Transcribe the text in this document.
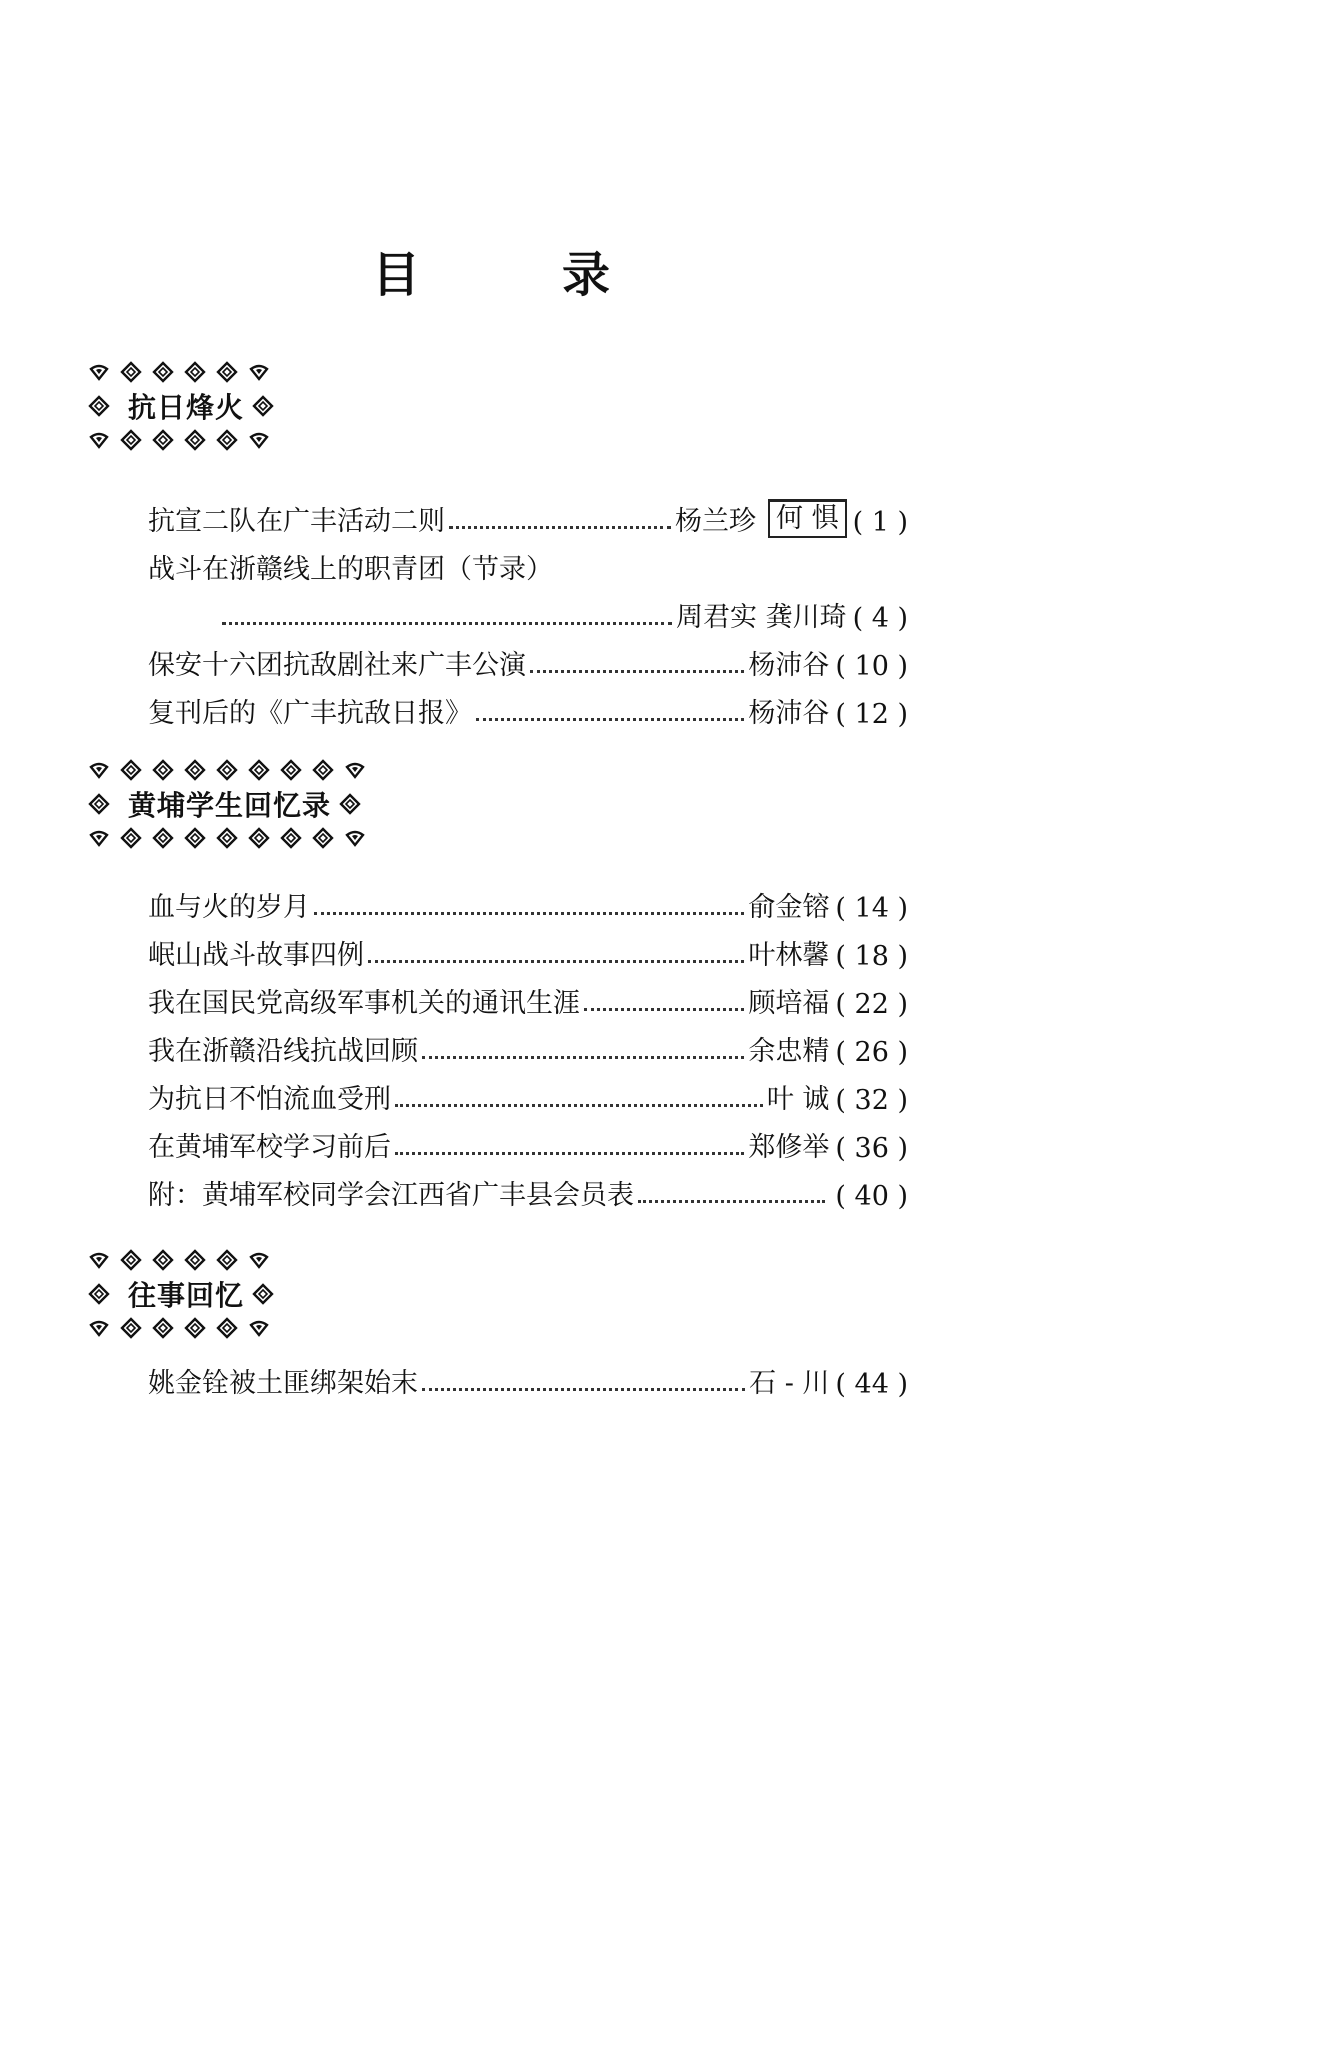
目	录
抗日烽火
抗宣二队在广丰活动二则	杨兰珍 何 惧 ( 1 )
战斗在浙赣线上的职青团（节录）
周君实 龚川琦 ( 4 )
保安十六团抗敌剧社来广丰公演	杨沛谷 ( 10 )
复刊后的《广丰抗敌日报》	杨沛谷 ( 12 )
黄埔学生回忆录
血与火的岁月	俞金镕 ( 14 )
岷山战斗故事四例	叶林馨 ( 18 )
我在国民党高级军事机关的通讯生涯	顾培福 ( 22 )
我在浙赣沿线抗战回顾	余忠精 ( 26 )
为抗日不怕流血受刑	叶 诚 ( 32 )
在黄埔军校学习前后	郑修举 ( 36 )
附：黄埔军校同学会江西省广丰县会员表	( 40 )
往事回忆
姚金铨被土匪绑架始末	石 - 川 ( 44 )
